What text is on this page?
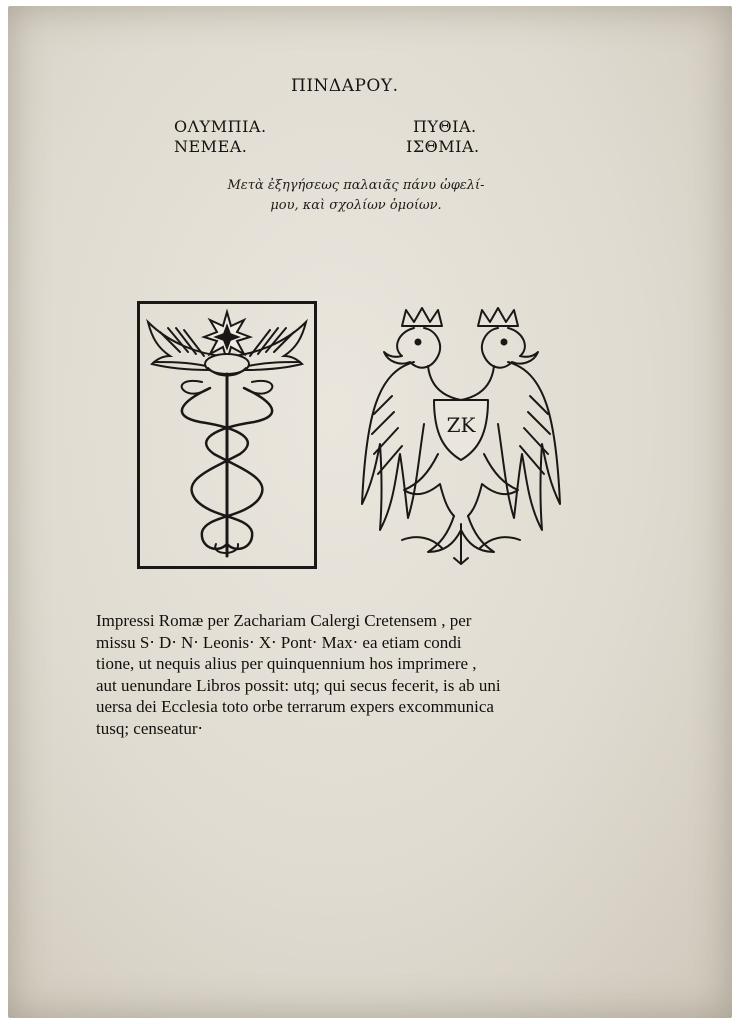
ΠΙΝΔΑΡΟΥ.
ΟΛΥΜΠΙΑ.	ΠΥΘΙΑ.
ΝΕΜΕΑ.	ΙΣΘΜΙΑ.
Μετὰ ἐξηγήσεως παλαιᾶς πάνυ ὠφελί-
μου, καὶ σχολίων ὁμοίων.
ZK
Impressi Romæ per Zachariam Calergi Cretensem , per
missu S⋅ D⋅ N⋅ Leonis⋅ X⋅ Pont⋅ Max⋅ ea etiam condi
tione, ut nequis alius per quinquennium hos imprimere ,
aut uenundare Libros possit: utq; qui secus fecerit, is ab uni
uersa dei Ecclesia toto orbe terrarum expers excommunica
tusq; censeatur⋅
